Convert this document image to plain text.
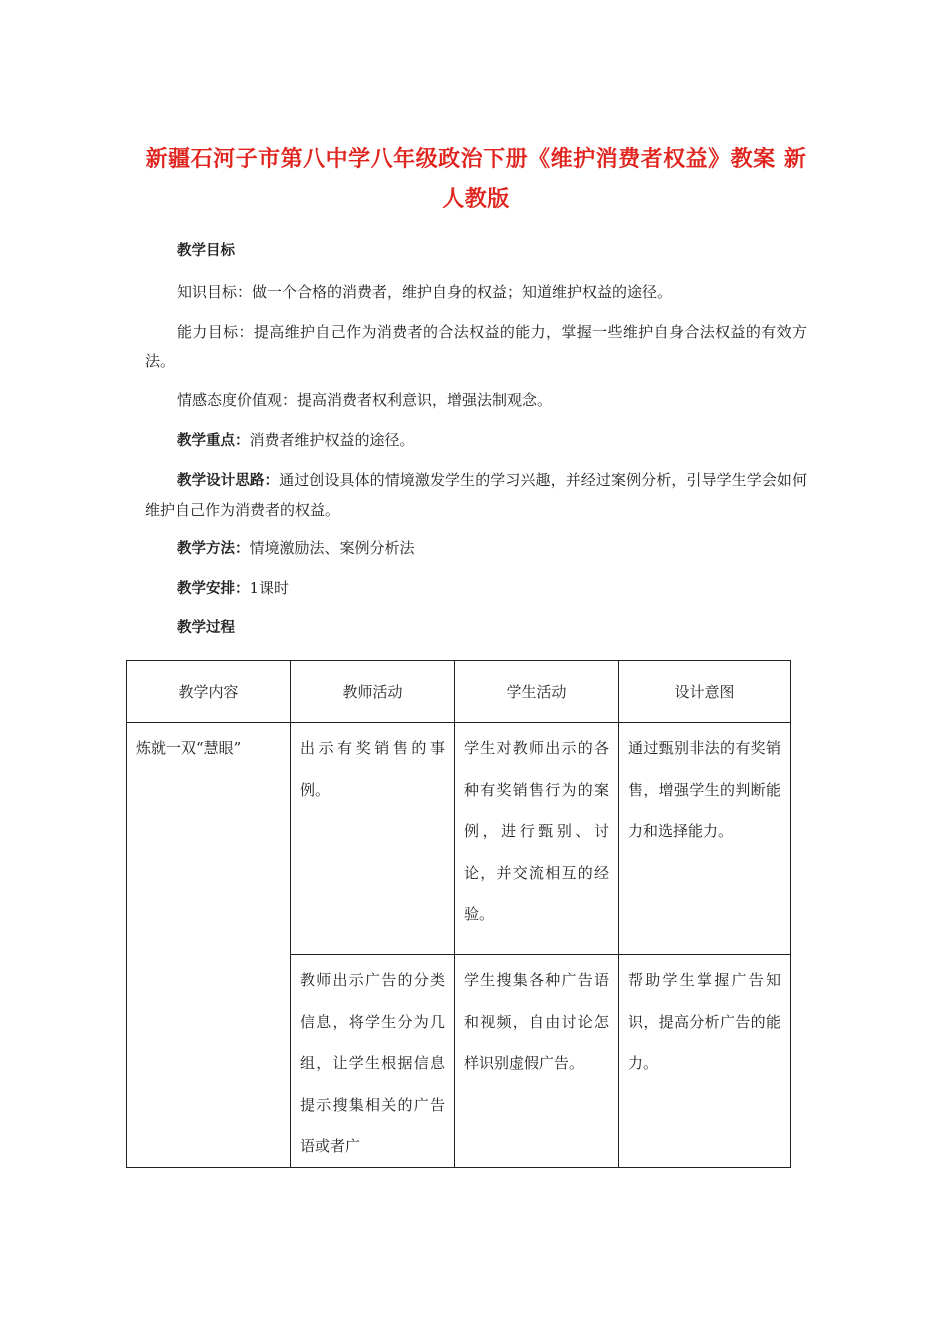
新疆石河子市第八中学八年级政治下册《维护消费者权益》教案 新人教版
教学目标
知识目标：做一个合格的消费者，维护自身的权益；知道维护权益的途径。
能力目标：提高维护自己作为消费者的合法权益的能力，掌握一些维护自身合法权益的有效方法。
情感态度价值观：提高消费者权利意识，增强法制观念。
教学重点：消费者维护权益的途径。
教学设计思路：通过创设具体的情境激发学生的学习兴趣，并经过案例分析，引导学生学会如何维护自己作为消费者的权益。
教学方法：情境激励法、案例分析法
教学安排：1课时
教学过程
教学内容	教师活动	学生活动	设计意图

炼就一双“慧眼”	出示有奖销售的事例。	学生对教师出示的各种有奖销售行为的案例，进行甄别、讨论，并交流相互的经验。	通过甄别非法的有奖销售，增强学生的判断能力和选择能力。

	教师出示广告的分类信息，将学生分为几组，让学生根据信息提示搜集相关的广告语或者广	学生搜集各种广告语和视频，自由讨论怎样识别虚假广告。	帮助学生掌握广告知识，提高分析广告的能力。
